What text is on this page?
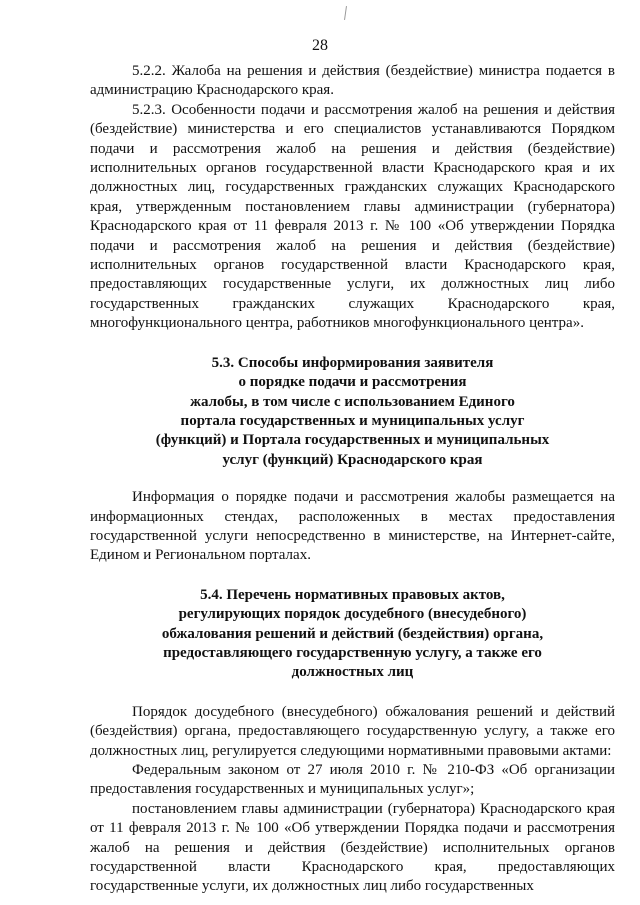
28

5.2.2. Жалоба на решения и действия (бездействие) министра подается в администрацию Краснодарского края.

5.2.3. Особенности подачи и рассмотрения жалоб на решения и действия (бездействие) министерства и его специалистов устанавливаются Порядком подачи и рассмотрения жалоб на решения и действия (бездействие) исполнительных органов государственной власти Краснодарского края и их должностных лиц, государственных гражданских служащих Краснодарского края, утвержденным постановлением главы администрации (губернатора) Краснодарского края от 11 февраля 2013 г. № 100 «Об утверждении Порядка подачи и рассмотрения жалоб на решения и действия (бездействие) исполнительных органов государственной власти Краснодарского края, предоставляющих государственные услуги, их должностных лиц либо государственных гражданских служащих Краснодарского края, многофункционального центра, работников многофункционального центра».

5.3. Способы информирования заявителя
о порядке подачи и рассмотрения
жалобы, в том числе с использованием Единого
портала государственных и муниципальных услуг
(функций) и Портала государственных и муниципальных
услуг (функций) Краснодарского края

Информация о порядке подачи и рассмотрения жалобы размещается на информационных стендах, расположенных в местах предоставления государственной услуги непосредственно в министерстве, на Интернет-сайте, Едином и Региональном порталах.

5.4. Перечень нормативных правовых актов,
регулирующих порядок досудебного (внесудебного)
обжалования решений и действий (бездействия) органа,
предоставляющего государственную услугу, а также его
должностных лиц

Порядок досудебного (внесудебного) обжалования решений и действий (бездействия) органа, предоставляющего государственную услугу, а также его должностных лиц, регулируется следующими нормативными правовыми актами:

Федеральным законом от 27 июля 2010 г. № 210-ФЗ «Об организации предоставления государственных и муниципальных услуг»;

постановлением главы администрации (губернатора) Краснодарского края от 11 февраля 2013 г. № 100 «Об утверждении Порядка подачи и рассмотрения жалоб на решения и действия (бездействие) исполнительных органов государственной власти Краснодарского края, предоставляющих государственные услуги, их должностных лиц либо государственных
